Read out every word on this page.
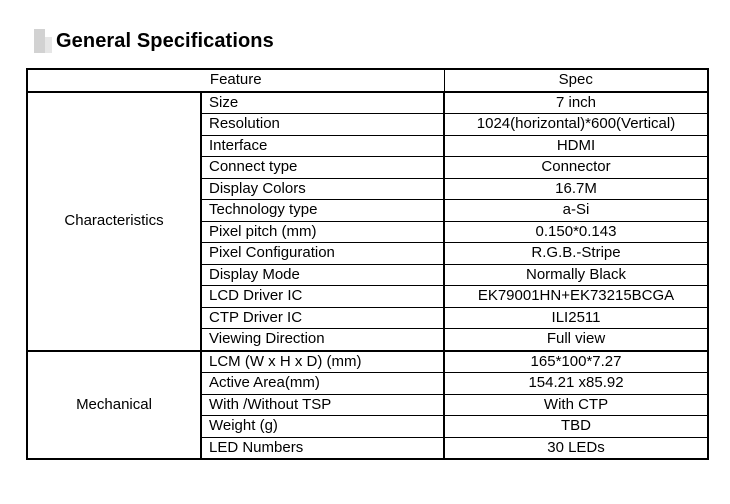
General Specifications
Feature		Spec
Characteristics	Size	7 inch
	Resolution	1024(horizontal)*600(Vertical)
	Interface	HDMI
	Connect type	Connector
	Display Colors	16.7M
	Technology type	a-Si
	Pixel pitch (mm)	0.150*0.143
	Pixel Configuration	R.G.B.-Stripe
	Display Mode	Normally Black
	LCD Driver IC	EK79001HN+EK73215BCGA
	CTP Driver IC	ILI2511
	Viewing Direction	Full view
Mechanical	LCM (W x H x D) (mm)	165*100*7.27
	Active Area(mm)	154.21 x85.92
	With /Without TSP	With CTP
	Weight (g)	TBD
	LED Numbers	30 LEDs
